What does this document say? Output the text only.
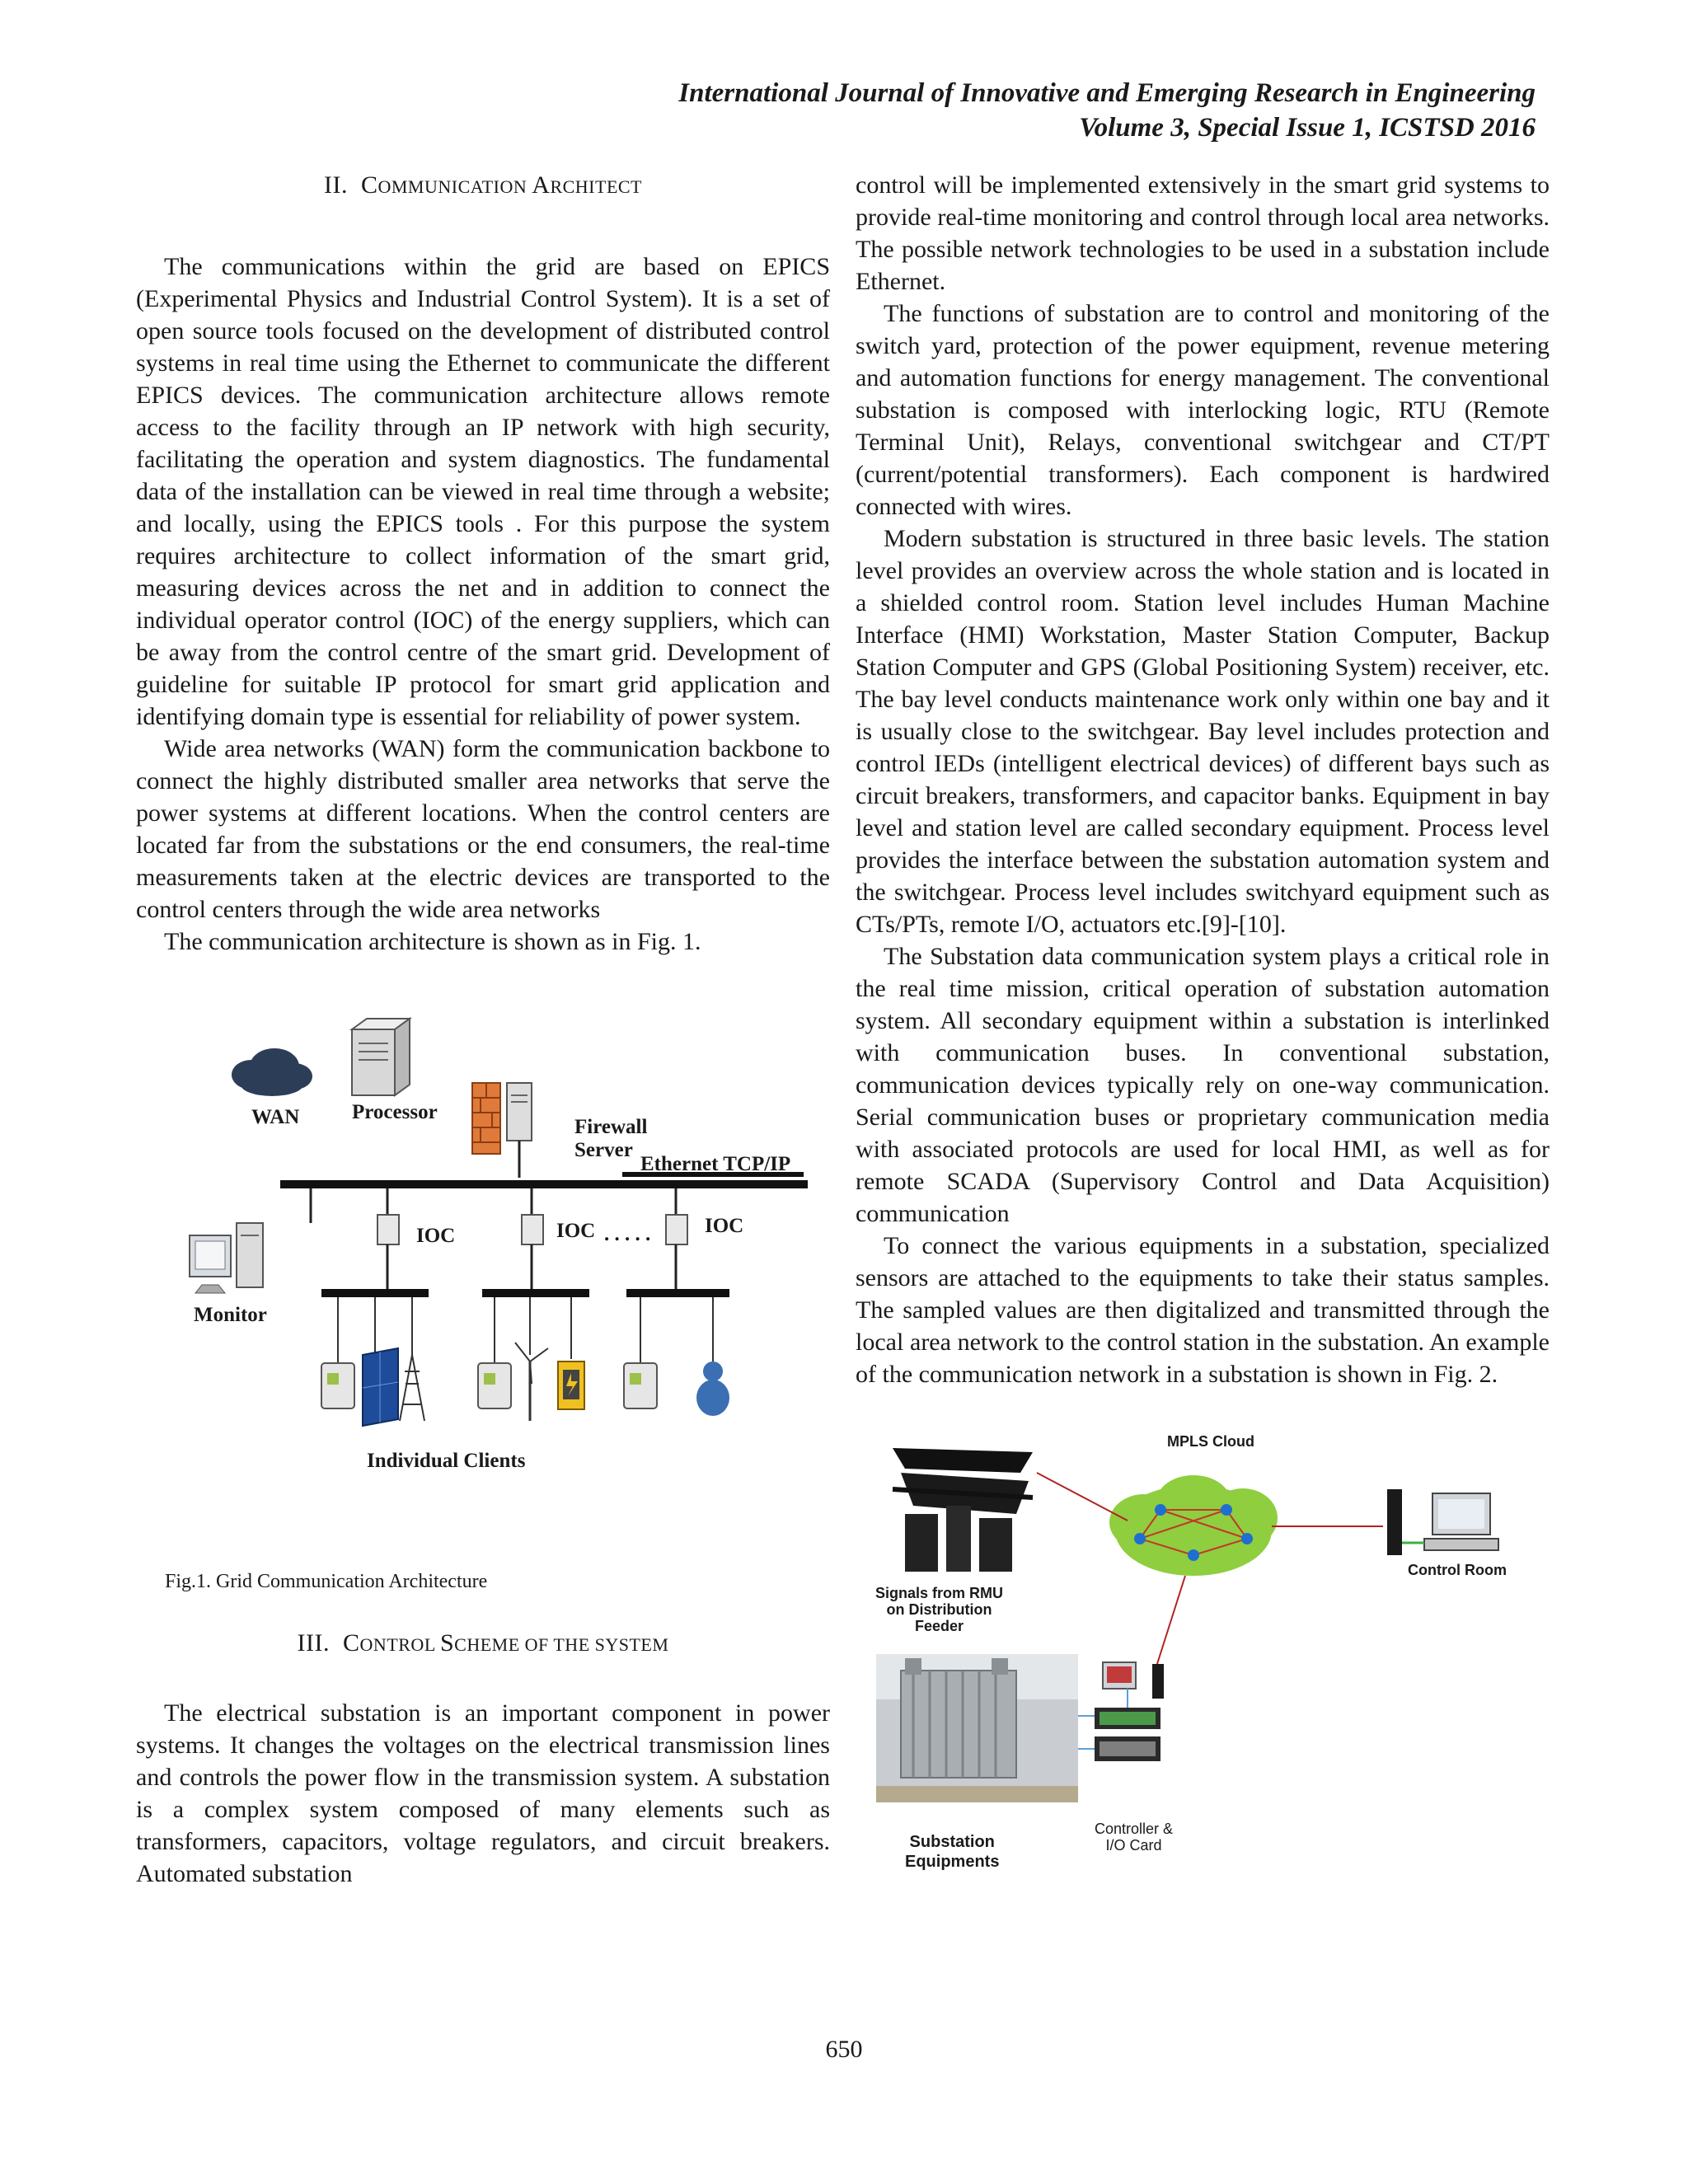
International Journal of Innovative and Emerging Research in Engineering
Volume 3, Special Issue 1, ICSTSD 2016
II. COMMUNICATION ARCHITECT

The communications within the grid are based on EPICS (Experimental Physics and Industrial Control System). It is a set of open source tools focused on the development of distributed control systems in real time using the Ethernet to communicate the different EPICS devices. The communication architecture allows remote access to the facility through an IP network with high security, facilitating the operation and system diagnostics. The fundamental data of the installation can be viewed in real time through a website; and locally, using the EPICS tools . For this purpose the system requires architecture to collect information of the smart grid, measuring devices across the net and in addition to connect the individual operator control (IOC) of the energy suppliers, which can be away from the control centre of the smart grid. Development of guideline for suitable IP protocol for smart grid application and identifying domain type is essential for reliability of power system.

Wide area networks (WAN) form the communication backbone to connect the highly distributed smaller area networks that serve the power systems at different locations. When the control centers are located far from the substations or the end consumers, the real-time measurements taken at the electric devices are transported to the control centers through the wide area networks

The communication architecture is shown as in Fig. 1.

WAN	Processor
Firewall
Server
Ethernet TCP/IP
IOC	IOC . . . . .	IOC
Monitor
Individual Clients
Fig.1. Grid Communication Architecture
III. CONTROL SCHEME OF THE SYSTEM

The electrical substation is an important component in power systems. It changes the voltages on the electrical transmission lines and controls the power flow in the transmission system. A substation is a complex system composed of many elements such as transformers, capacitors, voltage regulators, and circuit breakers. Automated substation

control will be implemented extensively in the smart grid systems to provide real-time monitoring and control through local area networks. The possible network technologies to be used in a substation include Ethernet.

The functions of substation are to control and monitoring of the switch yard, protection of the power equipment, revenue metering and automation functions for energy management. The conventional substation is composed with interlocking logic, RTU (Remote Terminal Unit), Relays, conventional switchgear and CT/PT (current/potential transformers). Each component is hardwired connected with wires.

Modern substation is structured in three basic levels. The station level provides an overview across the whole station and is located in a shielded control room. Station level includes Human Machine Interface (HMI) Workstation, Master Station Computer, Backup Station Computer and GPS (Global Positioning System) receiver, etc. The bay level conducts maintenance work only within one bay and it is usually close to the switchgear. Bay level includes protection and control IEDs (intelligent electrical devices) of different bays such as circuit breakers, transformers, and capacitor banks. Equipment in bay level and station level are called secondary equipment. Process level provides the interface between the substation automation system and the switchgear. Process level includes switchyard equipment such as CTs/PTs, remote I/O, actuators etc.[9]-[10].

The Substation data communication system plays a critical role in the real time mission, critical operation of substation automation system. All secondary equipment within a substation is interlinked with communication buses. In conventional substation, communication devices typically rely on one-way communication. Serial communication buses or proprietary communication media with associated protocols are used for local HMI, as well as for remote SCADA (Supervisory Control and Data Acquisition) communication

To connect the various equipments in a substation, specialized sensors are attached to the equipments to take their status samples. The sampled values are then digitalized and transmitted through the local area network to the control station in the substation. An example of the communication network in a substation is shown in Fig. 2.

MPLS Cloud
Signals from RMU
on Distribution
Feeder
Control Room
Controller &
I/O Card
Substation
Equipments
650
